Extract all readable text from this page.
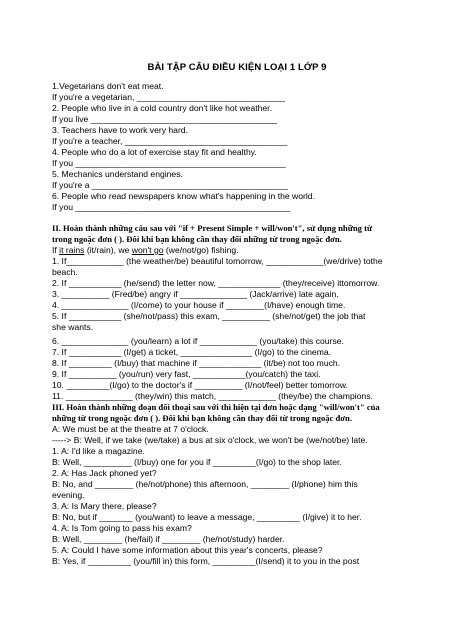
BÀI TẬP CÂU ĐIỀU KIỆN LOẠI 1 LỚP 9
1.Vegetarians don't eat meat.
If you're a vegetarian, _______________________________
2. People who live in a cold country don't like hot weather.
If you live _______________________________________
3. Teachers have to work very hard.
If you're a teacher, __________________________________
4. People who do a lot of exercise stay fit and healthy.
If you ____________________________________________
5. Mechanics understand engines.
If you're a _________________________________________
6. People who read newspapers know what's happening in the world.
If you _____________________________________________
II. Hoàn thành những câu sau với "if + Present Simple + will/won't", sử dụng những từ
trong ngoặc đơn ( ). Đôi khi bạn không cần thay đổi những từ trong ngoặc đơn.
If it rains (it/rain), we won't go (we/not/go) fishing.
1. If____________ (the weather/be) beautiful tomorrow, ____________(we/drive) tothe
beach.
2. If ___________ (he/send) the letter now, _____________ (they/receive) ittomorrow.
3. __________ (Fred/be) angry if ______________ (Jack/arrive) late again.
4. ______________ (I/come) to your house if ________(I/have) enough time.
5. If ___________ (she/not/pass) this exam, __________ (she/not/get) the job that
she wants.
6. ______________ (you/learn) a lot if ____________ (you/take) this course.
7. If ___________ (I/get) a ticket, _______________ (I/go) to the cinema.
8. If _________ (I/buy) that machine if _____________ (it/be) not too much.
9. If __________ (you/run) very fast, ___________(you/catch) the taxi.
10. _________(I/go) to the doctor's if __________ (I/not/feel) better tomorrow.
11. ______________ (they/win) this match, ____________ (they/be) the champions.
III. Hoàn thành những đoạn đối thoại sau với thì hiện tại đơn hoặc dạng "will/won't" của
những từ trong ngoặc đơn ( ). Đôi khi bạn không cần thay đổi từ trong ngoặc đơn.
A: We must be at the theatre at 7 o'clock.
-----> B: Well, if we take (we/take) a bus at six o'clock, we won't be (we/not/be) late.
1. A: I'd like a magazine.
B: Well, __________ (I/buy) one for you if _________(I/go) to the shop later.
2. A: Has Jack phoned yet?
B: No, and ________ (he/not/phone) this afternoon, ________ (I/phone) him this
evening.
3. A: Is Mary there, please?
B: No, but if _______ (you/want) to leave a message, _________ (I/give) it to her.
4. A: Is Tom going to pass his exam?
B: Well, ________ (he/fail) if ________ (he/not/study) harder.
5. A: Could I have some information about this year's concerts, please?
B: Yes, if _________ (you/fill in) this form, _________(I/send) it to you in the post
